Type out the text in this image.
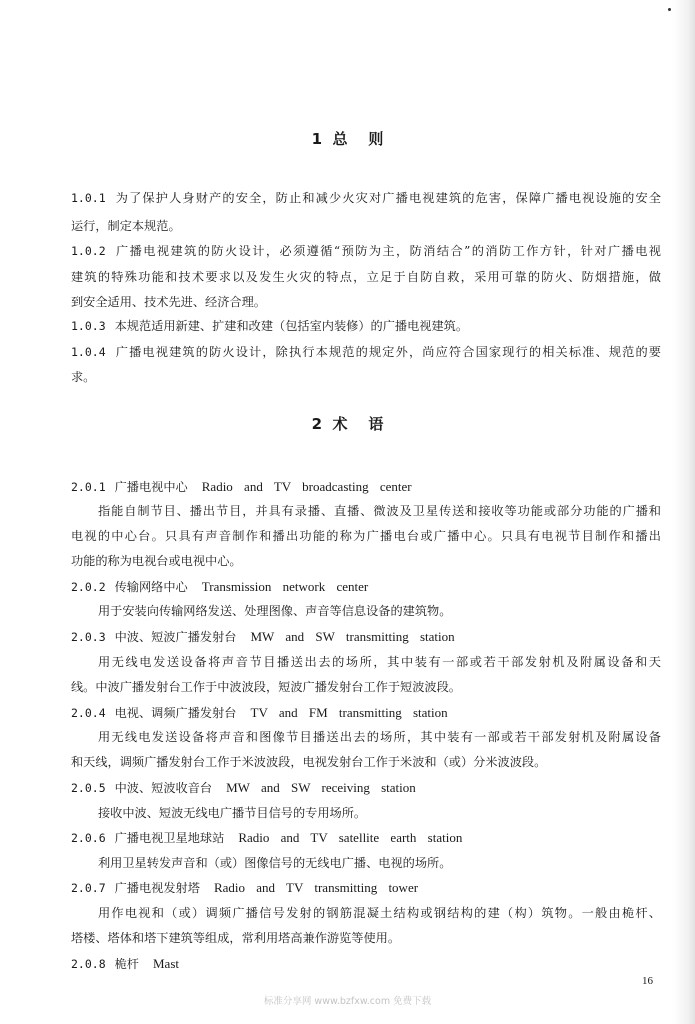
1  总    则
1.0.1 为了保护人身财产的安全，防止和减少火灾对广播电视建筑的危害，保障广播电视设施的安全
运行，制定本规范。
1.0.2 广播电视建筑的防火设计，必须遵循“预防为主，防消结合”的消防工作方针，针对广播电视
建筑的特殊功能和技术要求以及发生火灾的特点，立足于自防自救，采用可靠的防火、防烟措施，做
到安全适用、技术先进、经济合理。
1.0.3 本规范适用新建、扩建和改建（包括室内装修）的广播电视建筑。
1.0.4 广播电视建筑的防火设计，除执行本规范的规定外，尚应符合国家现行的相关标准、规范的要
求。
2  术    语
2.0.1 广播电视中心 Radio and TV broadcasting center
指能自制节目、播出节目，并具有录播、直播、微波及卫星传送和接收等功能或部分功能的广播和
电视的中心台。只具有声音制作和播出功能的称为广播电台或广播中心。只具有电视节目制作和播出
功能的称为电视台或电视中心。
2.0.2 传输网络中心 Transmission network center
用于安装向传输网络发送、处理图像、声音等信息设备的建筑物。
2.0.3 中波、短波广播发射台 MW and SW transmitting station
用无线电发送设备将声音节目播送出去的场所，其中装有一部或若干部发射机及附属设备和天
线。中波广播发射台工作于中波波段，短波广播发射台工作于短波波段。
2.0.4 电视、调频广播发射台 TV and FM transmitting station
用无线电发送设备将声音和图像节目播送出去的场所，其中装有一部或若干部发射机及附属设备
和天线，调频广播发射台工作于米波波段，电视发射台工作于米波和（或）分米波波段。
2.0.5 中波、短波收音台 MW and SW receiving station
接收中波、短波无线电广播节目信号的专用场所。
2.0.6 广播电视卫星地球站 Radio and TV satellite earth station
利用卫星转发声音和（或）图像信号的无线电广播、电视的场所。
2.0.7 广播电视发射塔 Radio and TV transmitting tower
用作电视和（或）调频广播信号发射的钢筋混凝土结构或钢结构的建（构）筑物。一般由桅杆、
塔楼、塔体和塔下建筑等组成，常利用塔高兼作游览等使用。
2.0.8 桅杆 Mast
16
标准分享网 www.bzfxw.com 免费下载
